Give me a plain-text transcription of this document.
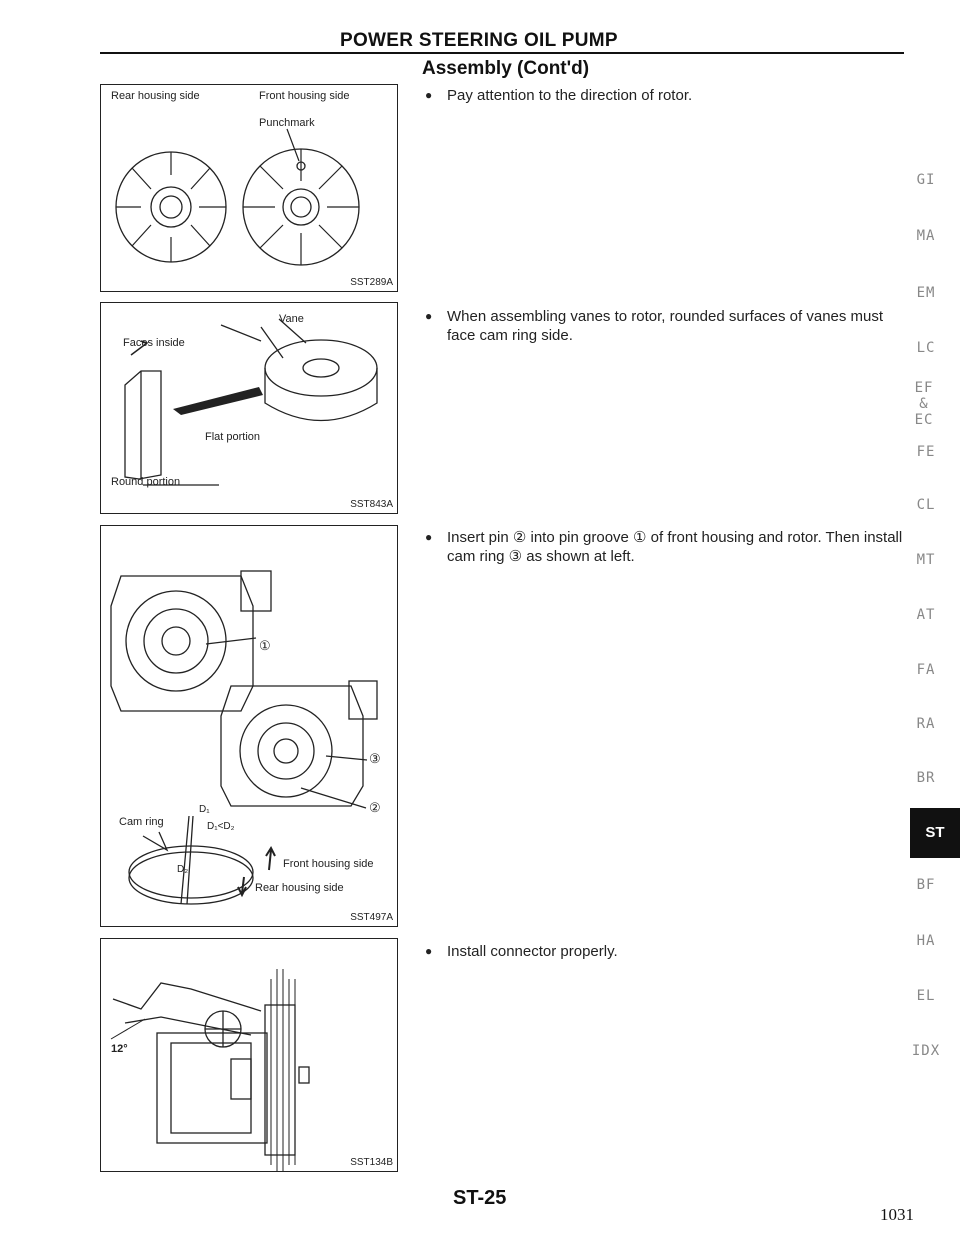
POWER STEERING OIL PUMP
Assembly (Cont'd)
Rear housing side	Front housing side
Punchmark
SST289A
Vane
Faces inside
Flat portion
Round portion
SST843A
①
③
②
Cam ring
D₁
D₁<D₂
D₂	Front housing side
Rear housing side
SST497A
12°
SST134B
● Pay attention to the direction of rotor.
● When assembling vanes to rotor, rounded surfaces of vanes must face cam ring side.
● Insert pin ② into pin groove ① of front housing and rotor. Then install cam ring ③ as shown at left.
● Install connector properly.
GI
MA
EM
LC
EF & EC
FE
CL
MT
AT
FA
RA
BR
ST
BF
HA
EL
IDX
ST-25
1031
